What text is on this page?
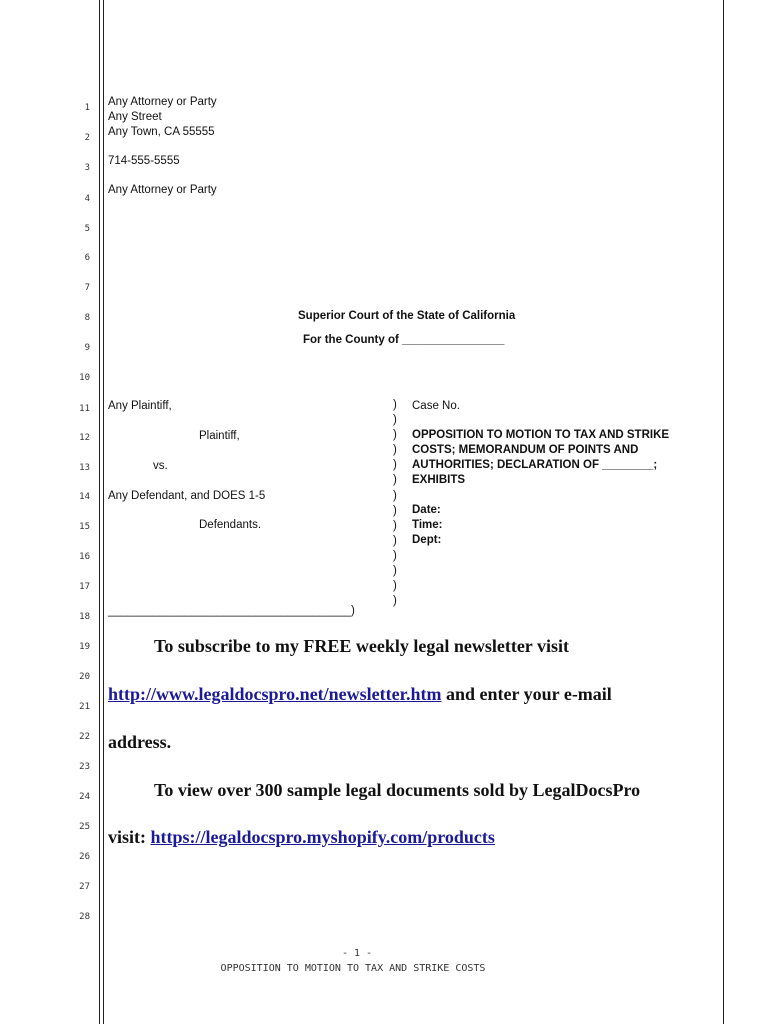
1
2
3
4
5
6
7
8
9
10
11
12
13
14
15
16
17
18
19
20
21
22
23
24
25
26
27
28
Any Attorney or Party
Any Street
Any Town, CA 55555
714-555-5555
Any Attorney or Party
Superior Court of the State of California
For the County of ________________
Any Plaintiff,
Plaintiff,
vs.
Any Defendant, and DOES 1-5
Defendants.
)
)
)
)
)
)
)
)
)
)
)
)
)
)
______________________________________)
Case No.
OPPOSITION TO MOTION TO TAX AND STRIKE
COSTS; MEMORANDUM OF POINTS AND
AUTHORITIES; DECLARATION OF ________;
EXHIBITS
Date:
Time:
Dept:
To subscribe to my FREE weekly legal newsletter visit
http://www.legaldocspro.net/newsletter.htm and enter your e-mail
address.
To view over 300 sample legal documents sold by LegalDocsPro
visit: https://legaldocspro.myshopify.com/products
- 1 -
OPPOSITION TO MOTION TO TAX AND STRIKE COSTS
